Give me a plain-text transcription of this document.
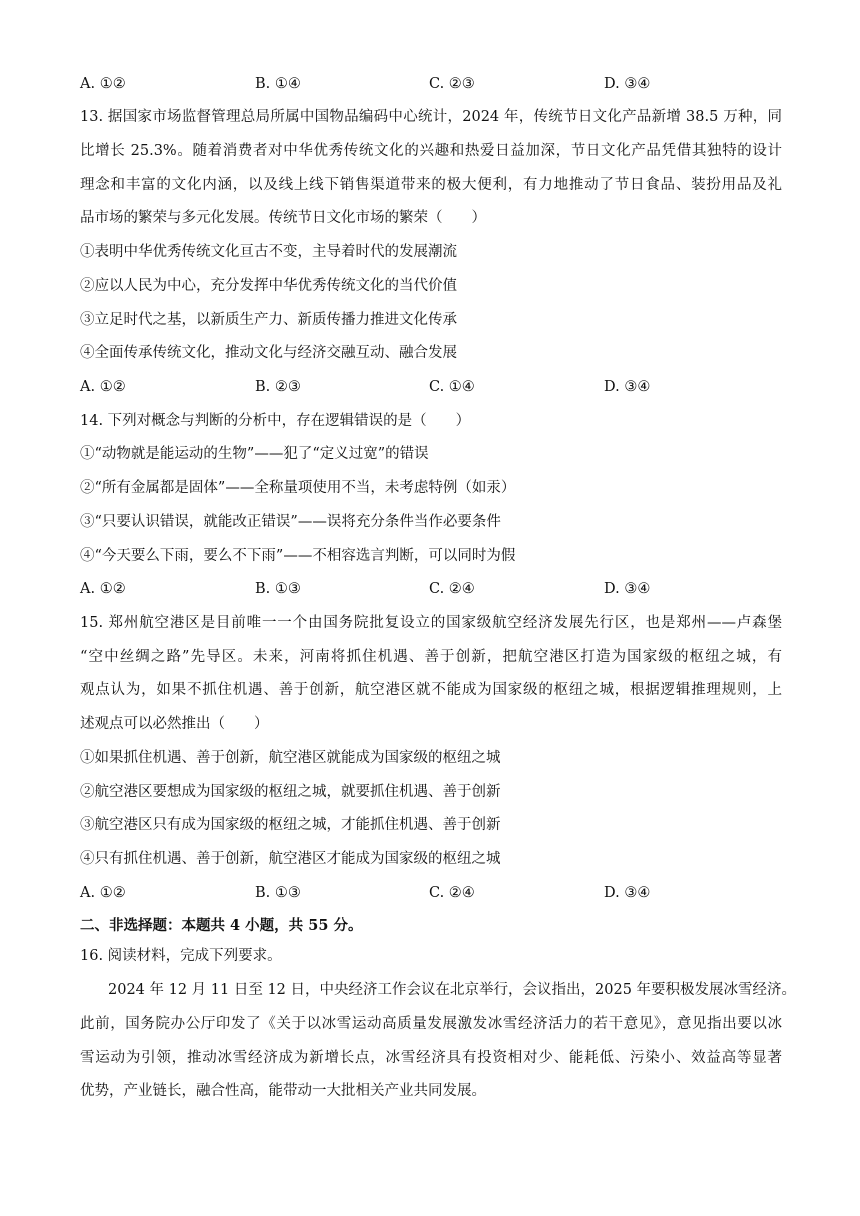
A. ①②	B. ①④	C. ②③	D. ③④
13. 据国家市场监督管理总局所属中国物品编码中心统计，2024 年，传统节日文化产品新增 38.5 万种，同
比增长 25.3%。随着消费者对中华优秀传统文化的兴趣和热爱日益加深，节日文化产品凭借其独特的设计
理念和丰富的文化内涵，以及线上线下销售渠道带来的极大便利，有力地推动了节日食品、装扮用品及礼
品市场的繁荣与多元化发展。传统节日文化市场的繁荣（　　）
①表明中华优秀传统文化亘古不变，主导着时代的发展潮流
②应以人民为中心，充分发挥中华优秀传统文化的当代价值
③立足时代之基，以新质生产力、新质传播力推进文化传承
④全面传承传统文化，推动文化与经济交融互动、融合发展
A. ①②	B. ②③	C. ①④	D. ③④
14. 下列对概念与判断的分析中，存在逻辑错误的是（　　）
①“动物就是能运动的生物”——犯了“定义过宽”的错误
②“所有金属都是固体”——全称量项使用不当，未考虑特例（如汞）
③“只要认识错误，就能改正错误”——误将充分条件当作必要条件
④“今天要么下雨，要么不下雨”——不相容选言判断，可以同时为假
A. ①②	B. ①③	C. ②④	D. ③④
15. 郑州航空港区是目前唯一一个由国务院批复设立的国家级航空经济发展先行区，也是郑州——卢森堡
“空中丝绸之路”先导区。未来，河南将抓住机遇、善于创新，把航空港区打造为国家级的枢纽之城，有
观点认为，如果不抓住机遇、善于创新，航空港区就不能成为国家级的枢纽之城，根据逻辑推理规则，上
述观点可以必然推出（　　）
①如果抓住机遇、善于创新，航空港区就能成为国家级的枢纽之城
②航空港区要想成为国家级的枢纽之城，就要抓住机遇、善于创新
③航空港区只有成为国家级的枢纽之城，才能抓住机遇、善于创新
④只有抓住机遇、善于创新，航空港区才能成为国家级的枢纽之城
A. ①②	B. ①③	C. ②④	D. ③④
二、非选择题：本题共 4 小题，共 55 分。
16. 阅读材料，完成下列要求。
2024 年 12 月 11 日至 12 日，中央经济工作会议在北京举行，会议指出，2025 年要积极发展冰雪经济。
此前，国务院办公厅印发了《关于以冰雪运动高质量发展激发冰雪经济活力的若干意见》，意见指出要以冰
雪运动为引领，推动冰雪经济成为新增长点，冰雪经济具有投资相对少、能耗低、污染小、效益高等显著
优势，产业链长，融合性高，能带动一大批相关产业共同发展。
